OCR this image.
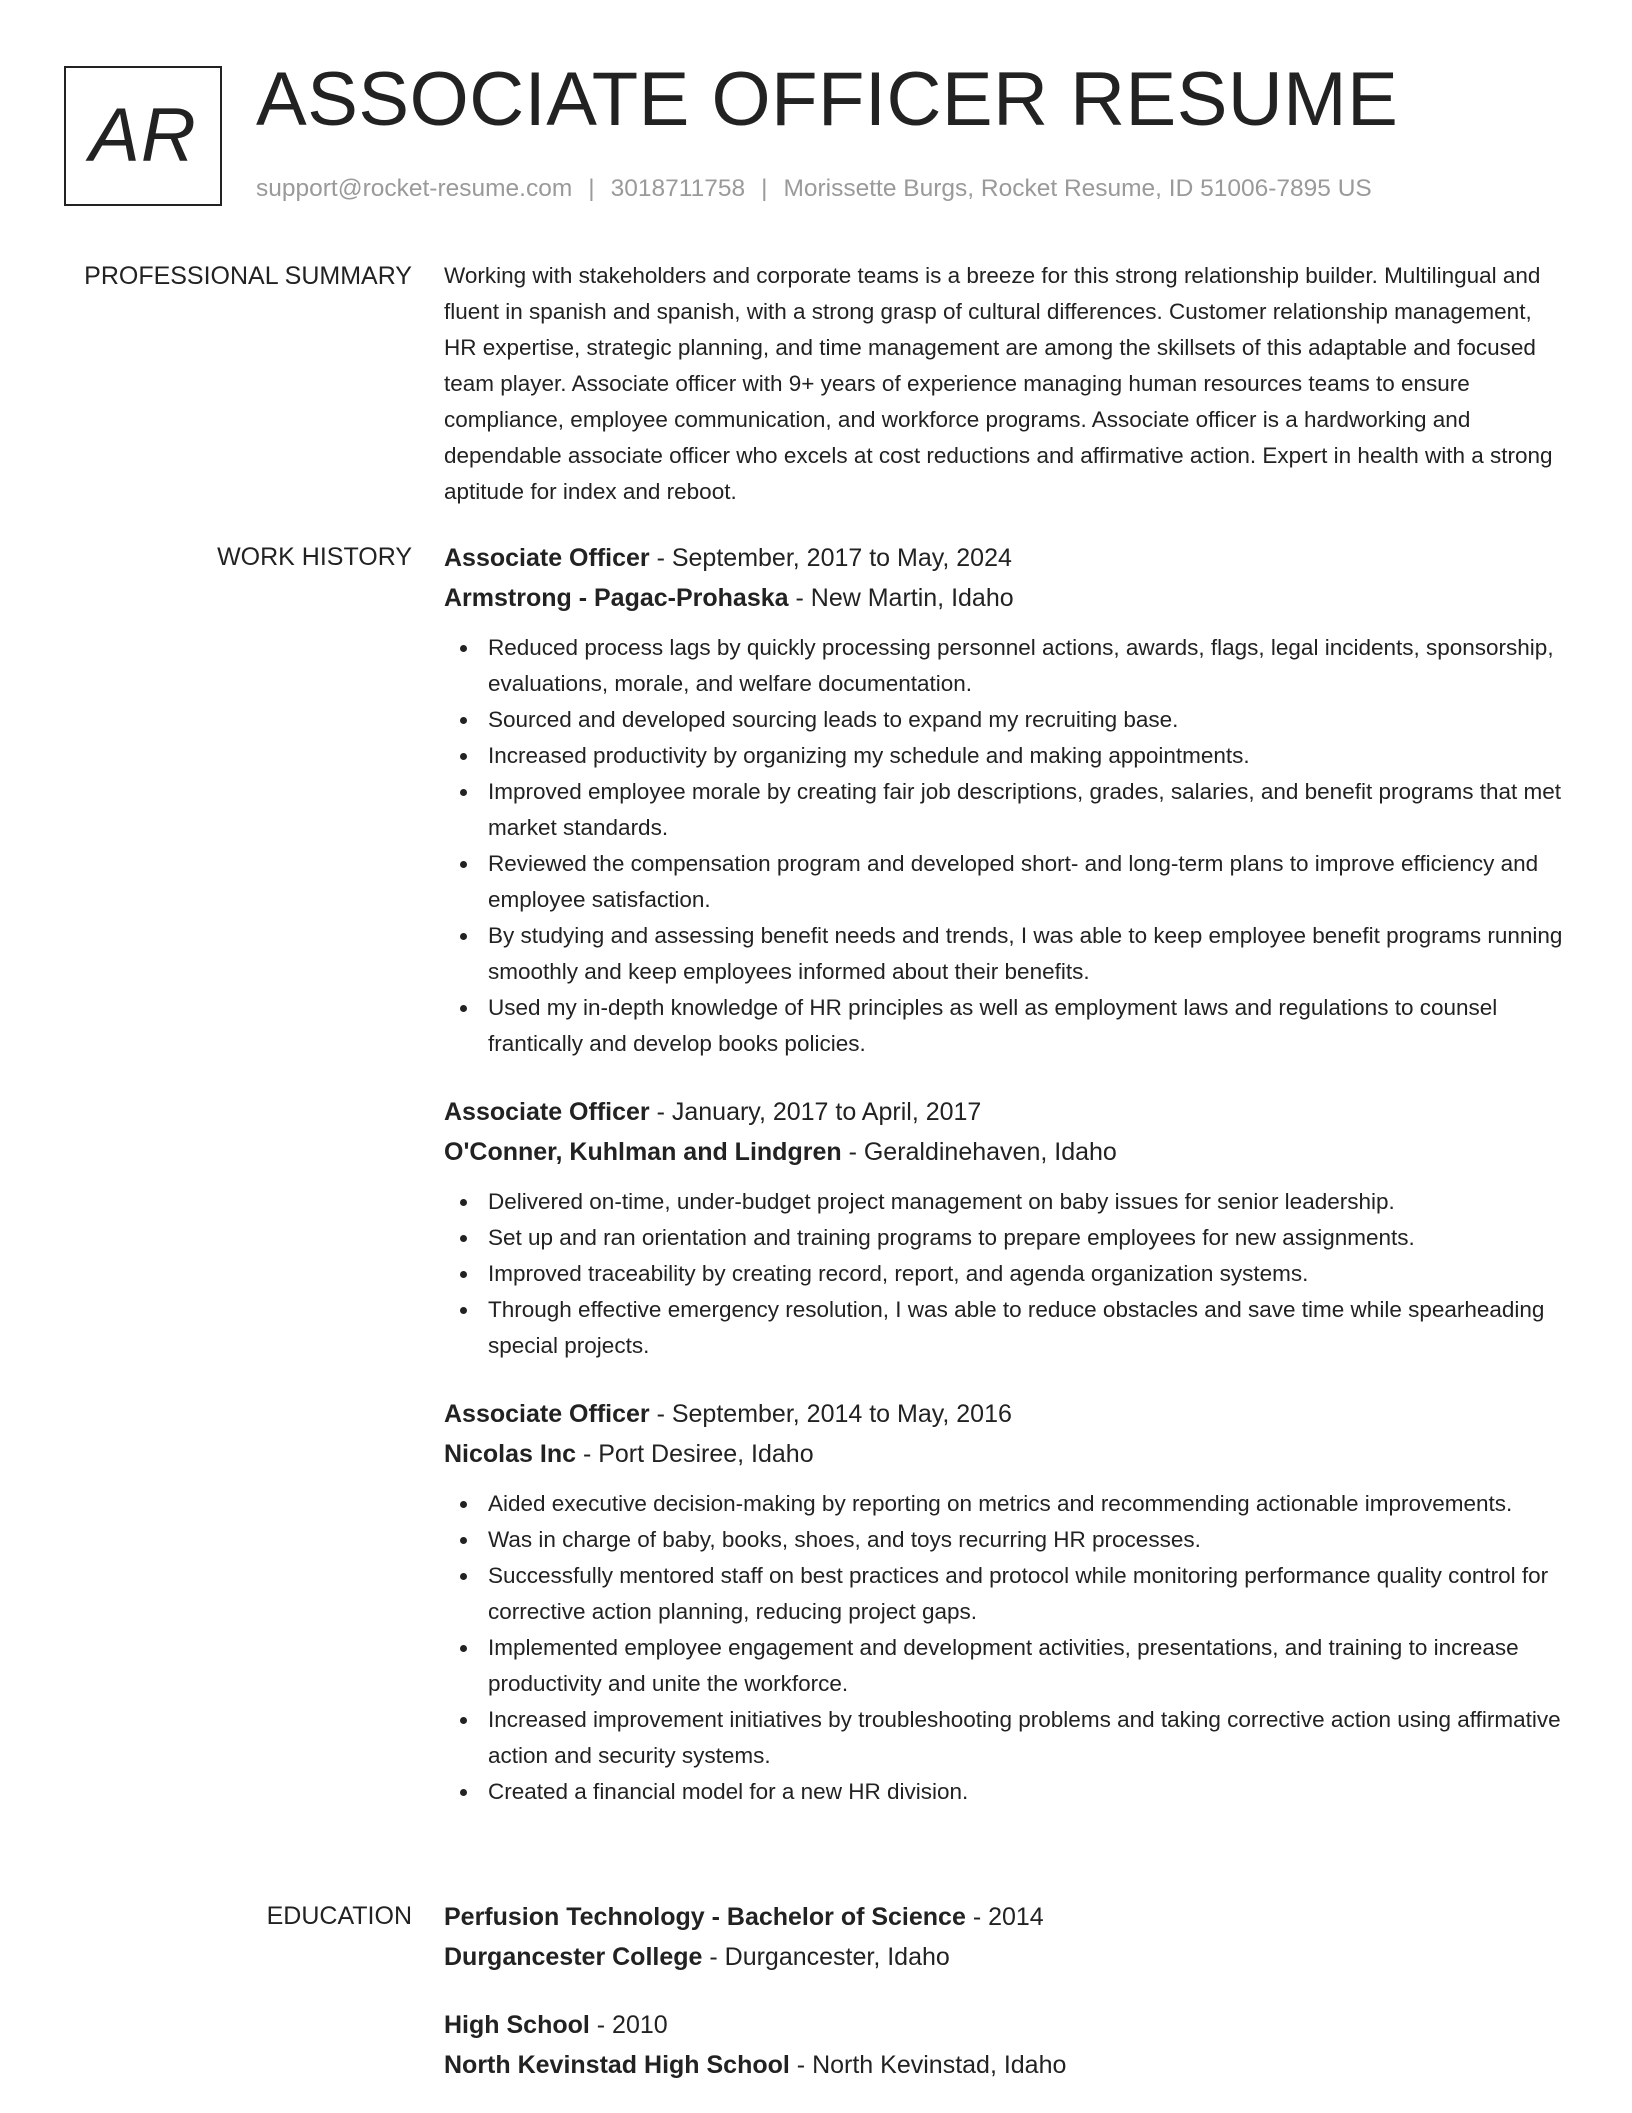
AR ASSOCIATE OFFICER RESUME
support@rocket-resume.com | 3018711758 | Morissette Burgs, Rocket Resume, ID 51006-7895 US
PROFESSIONAL SUMMARY Working with stakeholders and corporate teams is a breeze for this strong relationship builder. Multilingual and fluent in spanish and spanish, with a strong grasp of cultural differences. Customer relationship management, HR expertise, strategic planning, and time management are among the skillsets of this adaptable and focused team player. Associate officer with 9+ years of experience managing human resources teams to ensure compliance, employee communication, and workforce programs. Associate officer is a hardworking and dependable associate officer who excels at cost reductions and affirmative action. Expert in health with a strong aptitude for index and reboot.

WORK HISTORY Associate Officer - September, 2017 to May, 2024
Armstrong - Pagac-Prohaska - New Martin, Idaho
Reduced process lags by quickly processing personnel actions, awards, flags, legal incidents, sponsorship, evaluations, morale, and welfare documentation.
Sourced and developed sourcing leads to expand my recruiting base.
Increased productivity by organizing my schedule and making appointments.
Improved employee morale by creating fair job descriptions, grades, salaries, and benefit programs that met market standards.
Reviewed the compensation program and developed short- and long-term plans to improve efficiency and employee satisfaction.
By studying and assessing benefit needs and trends, I was able to keep employee benefit programs running smoothly and keep employees informed about their benefits.
Used my in-depth knowledge of HR principles as well as employment laws and regulations to counsel frantically and develop books policies.
Associate Officer - January, 2017 to April, 2017
O'Conner, Kuhlman and Lindgren - Geraldinehaven, Idaho
Delivered on-time, under-budget project management on baby issues for senior leadership.
Set up and ran orientation and training programs to prepare employees for new assignments.
Improved traceability by creating record, report, and agenda organization systems.
Through effective emergency resolution, I was able to reduce obstacles and save time while spearheading special projects.
Associate Officer - September, 2014 to May, 2016
Nicolas Inc - Port Desiree, Idaho
Aided executive decision-making by reporting on metrics and recommending actionable improvements.
Was in charge of baby, books, shoes, and toys recurring HR processes.
Successfully mentored staff on best practices and protocol while monitoring performance quality control for corrective action planning, reducing project gaps.
Implemented employee engagement and development activities, presentations, and training to increase productivity and unite the workforce.
Increased improvement initiatives by troubleshooting problems and taking corrective action using affirmative action and security systems.
Created a financial model for a new HR division.
EDUCATION Perfusion Technology - Bachelor of Science - 2014
Durgancester College - Durgancester, Idaho
High School - 2010
North Kevinstad High School - North Kevinstad, Idaho
